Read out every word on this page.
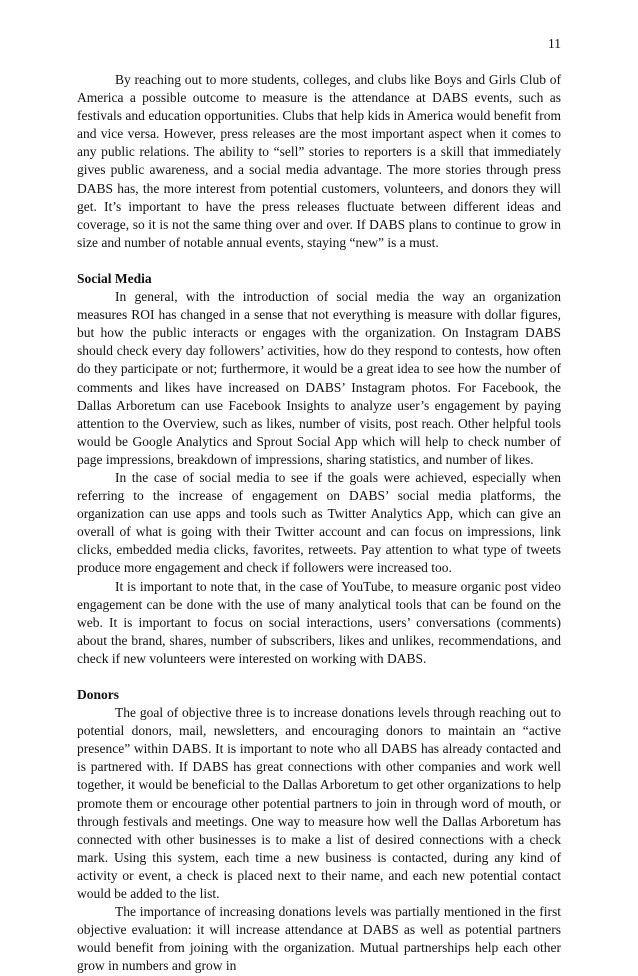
11

By reaching out to more students, colleges, and clubs like Boys and Girls Club of America a possible outcome to measure is the attendance at DABS events, such as festivals and education opportunities. Clubs that help kids in America would benefit from and vice versa. However, press releases are the most important aspect when it comes to any public relations. The ability to “sell” stories to reporters is a skill that immediately gives public awareness, and a social media advantage. The more stories through press DABS has, the more interest from potential customers, volunteers, and donors they will get. It’s important to have the press releases fluctuate between different ideas and coverage, so it is not the same thing over and over. If DABS plans to continue to grow in size and number of notable annual events, staying “new” is a must.

Social Media

In general, with the introduction of social media the way an organization measures ROI has changed in a sense that not everything is measure with dollar figures, but how the public interacts or engages with the organization. On Instagram DABS should check every day followers’ activities, how do they respond to contests, how often do they participate or not; furthermore, it would be a great idea to see how the number of comments and likes have increased on DABS’ Instagram photos. For Facebook, the Dallas Arboretum can use Facebook Insights to analyze user’s engagement by paying attention to the Overview, such as likes, number of visits, post reach. Other helpful tools would be Google Analytics and Sprout Social App which will help to check number of page impressions, breakdown of impressions, sharing statistics, and number of likes.

In the case of social media to see if the goals were achieved, especially when referring to the increase of engagement on DABS’ social media platforms, the organization can use apps and tools such as Twitter Analytics App, which can give an overall of what is going with their Twitter account and can focus on impressions, link clicks, embedded media clicks, favorites, retweets. Pay attention to what type of tweets produce more engagement and check if followers were increased too.

It is important to note that, in the case of YouTube, to measure organic post video engagement can be done with the use of many analytical tools that can be found on the web. It is important to focus on social interactions, users’ conversations (comments) about the brand, shares, number of subscribers, likes and unlikes, recommendations, and check if new volunteers were interested on working with DABS.

Donors

The goal of objective three is to increase donations levels through reaching out to potential donors, mail, newsletters, and encouraging donors to maintain an “active presence” within DABS. It is important to note who all DABS has already contacted and is partnered with. If DABS has great connections with other companies and work well together, it would be beneficial to the Dallas Arboretum to get other organizations to help promote them or encourage other potential partners to join in through word of mouth, or through festivals and meetings. One way to measure how well the Dallas Arboretum has connected with other businesses is to make a list of desired connections with a check mark. Using this system, each time a new business is contacted, during any kind of activity or event, a check is placed next to their name, and each new potential contact would be added to the list.

The importance of increasing donations levels was partially mentioned in the first objective evaluation: it will increase attendance at DABS as well as potential partners would benefit from joining with the organization. Mutual partnerships help each other grow in numbers and grow in
